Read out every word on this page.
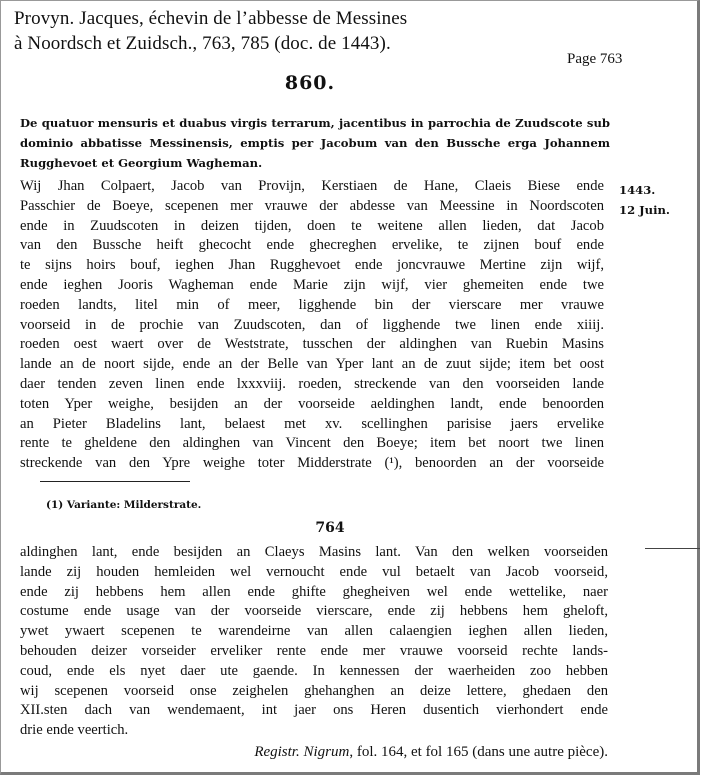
Provyn. Jacques, échevin de l’abbesse de Messines
à Noordsch et Zuidsch., 763, 785 (doc. de 1443).
Page 763
860.
De quatuor mensuris et duabus virgis terrarum, jacentibus in parrochia de Zuudscote sub dominio abbatisse Messinensis, emptis per Jacobum van den Bussche erga Johannem Rugghevoet et Georgium Wagheman.
1443.
12 Juin.
Wij Jhan Colpaert, Jacob van Provijn, Kerstiaen de Hane, Claeis Biese ende
Passchier de Boeye, scepenen mer vrauwe der abdesse van Meessine in Noordscoten
ende in Zuudscoten in deizen tijden, doen te weitene allen lieden, dat Jacob
van den Bussche heift ghecocht ende ghecreghen ervelike, te zijnen bouf ende
te sijns hoirs bouf, ieghen Jhan Rugghevoet ende joncvrauwe Mertine zijn wijf,
ende ieghen Jooris Wagheman ende Marie zijn wijf, vier ghemeiten ende twe
roeden landts, litel min of meer, ligghende bin der vierscare mer vrauwe
voorseid in de prochie van Zuudscoten, dan of ligghende twe linen ende xiiij.
roeden oest waert over de Weststrate, tusschen der aldinghen van Ruebin Masins
lande an de noort sijde, ende an der Belle van Yper lant an de zuut sijde; item bet oost
daer tenden zeven linen ende lxxxviij. roeden, streckende van den voorseiden lande
toten Yper weighe, besijden an der voorseide aeldinghen landt, ende benoorden
an Pieter Bladelins lant, belaest met xv. scellinghen parisise jaers ervelike
rente te gheldene den aldinghen van Vincent den Boeye; item bet noort twe linen
streckende van den Ypre weighe toter Midderstrate (¹), benoorden an der voorseide
(1) Variante: Milderstrate.
764
aldinghen lant, ende besijden an Claeys Masins lant. Van den welken voorseiden
lande zij houden hemleiden wel vernoucht ende vul betaelt van Jacob voorseid,
ende zij hebbens hem allen ende ghifte ghegheiven wel ende wettelike, naer
costume ende usage van der voorseide vierscare, ende zij hebbens hem gheloft,
ywet ywaert scepenen te warendeirne van allen calaengien ieghen allen lieden,
behouden deizer vorseider erveliker rente ende mer vrauwe voorseid rechte lands-
coud, ende els nyet daer ute gaende. In kennessen der waerheiden zoo hebben
wij scepenen voorseid onse zeighelen ghehanghen an deize lettere, ghedaen den
XII.sten dach van wendemaent, int jaer ons Heren dusentich vierhondert ende
drie ende veertich.
Registr. Nigrum, fol. 164, et fol 165 (dans une autre pièce).
